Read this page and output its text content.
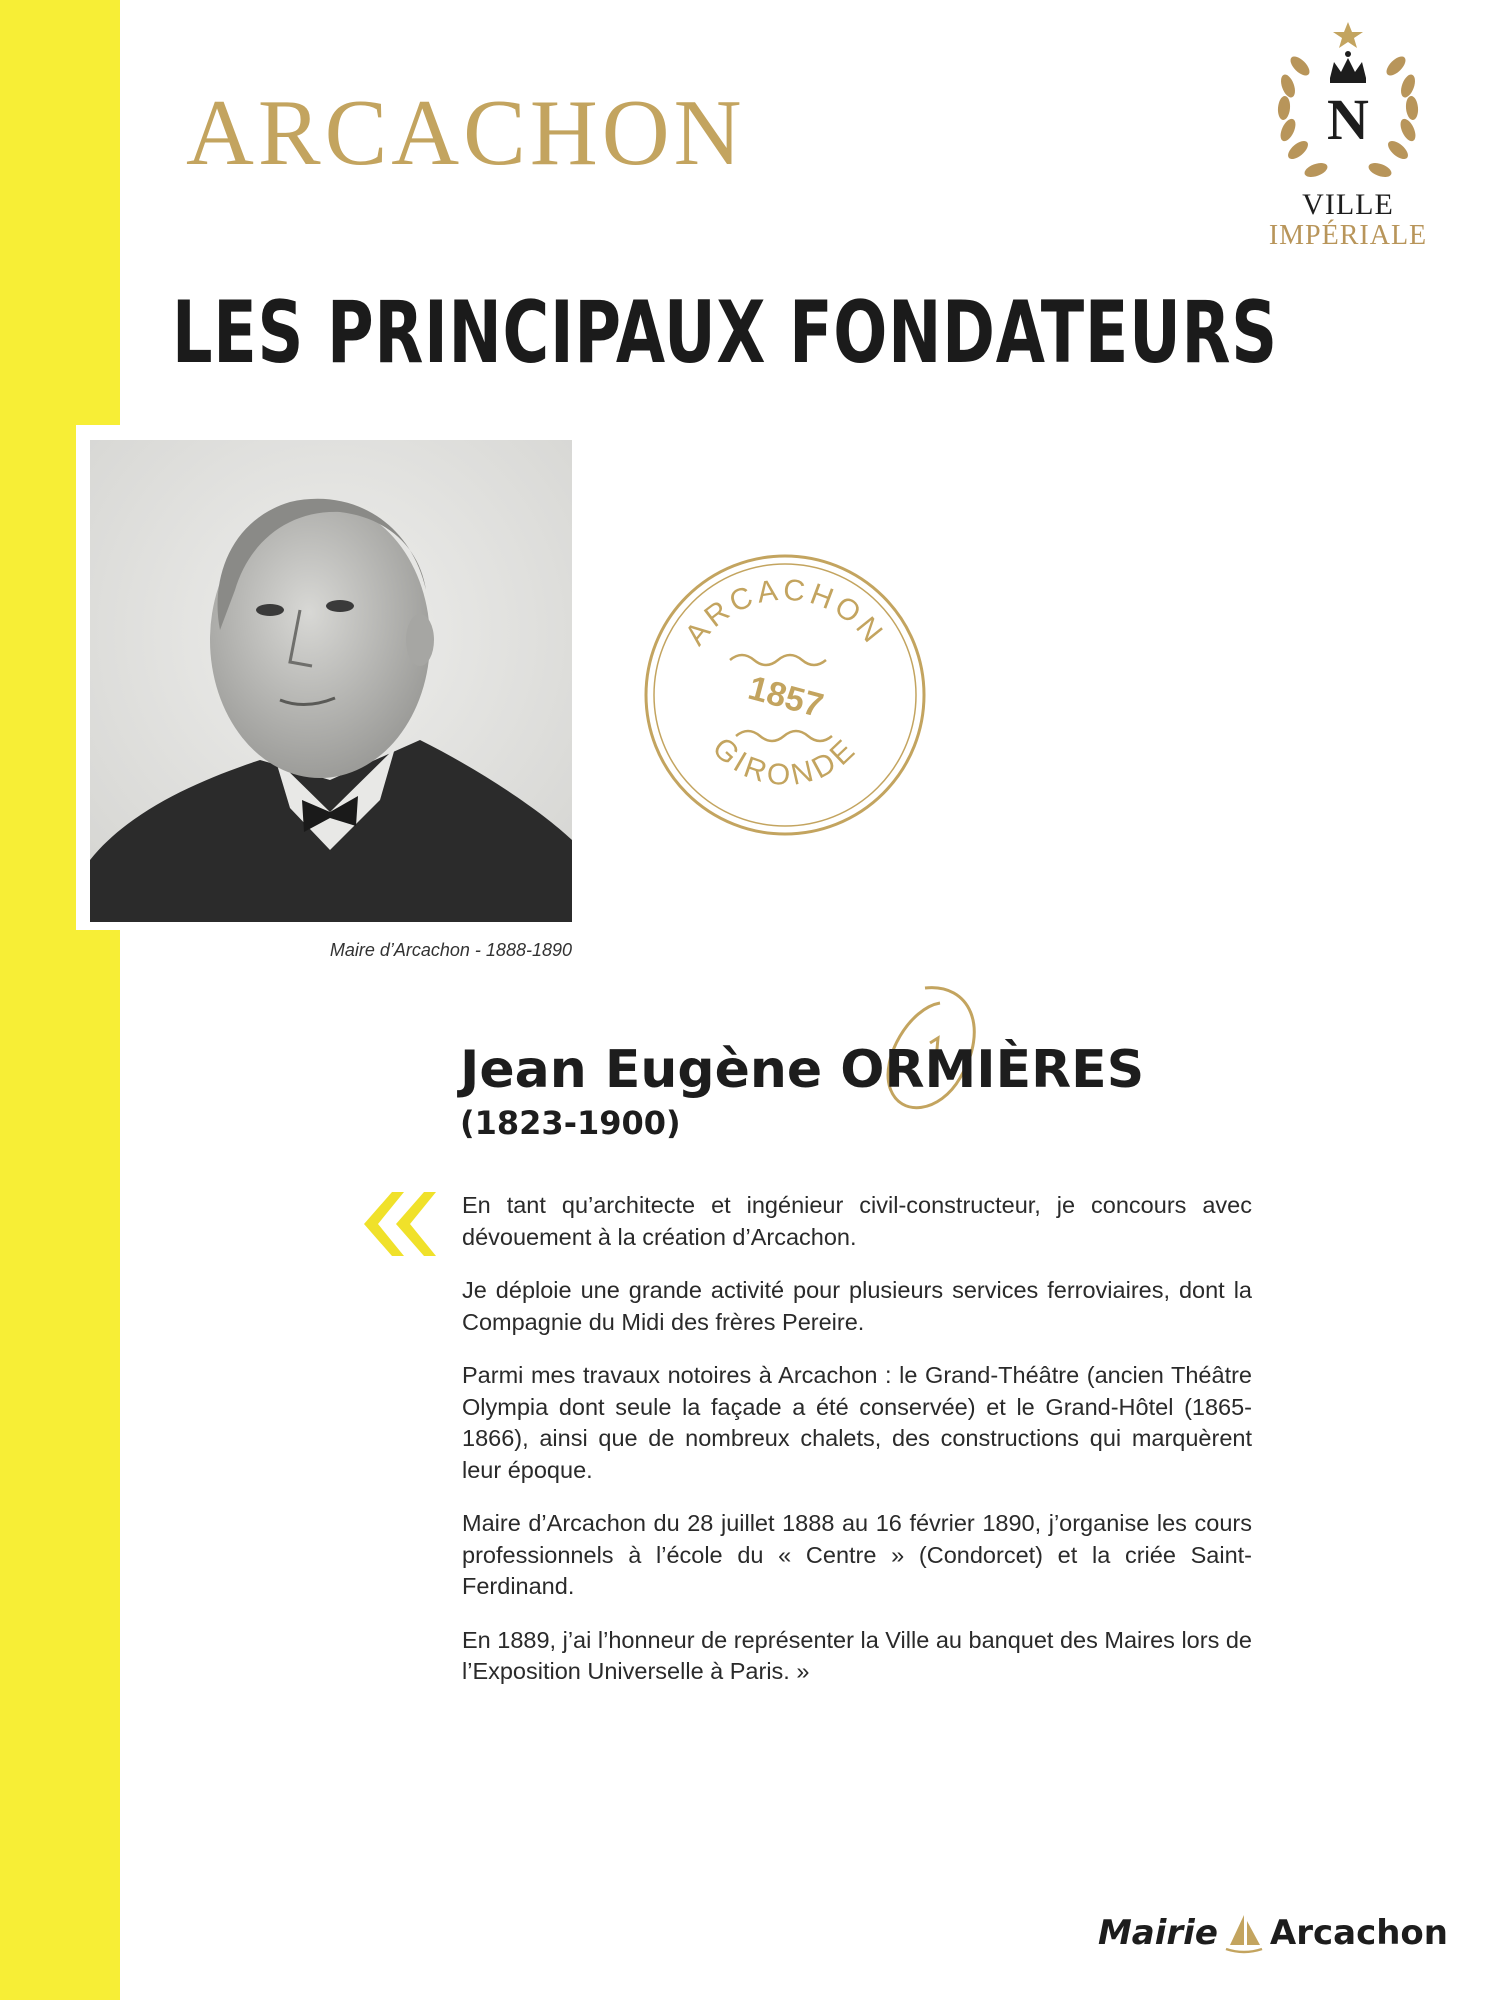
ARCACHON	N
VILLE
IMPÉRIALE
LES PRINCIPAUX FONDATEURS
Maire d’Arcachon - 1888-1890
ARCACHON
GIRONDE
1857
Jean Eugène ORMIÈRES
(1823-1900)

En tant qu’architecte et ingénieur civil-constructeur, je concours avec dévouement à la création d’Arcachon.

Je déploie une grande activité pour plusieurs services ferroviaires, dont la Compagnie du Midi des frères Pereire.

Parmi mes travaux notoires à Arcachon : le Grand-Théâtre (ancien Théâtre Olympia dont seule la façade a été conservée) et le Grand-Hôtel (1865-1866), ainsi que de nombreux chalets, des constructions qui marquèrent leur époque.

Maire d’Arcachon du 28 juillet 1888 au 16 février 1890, j’organise les cours professionnels à l’école du « Centre » (Condorcet) et la criée Saint-Ferdinand.

En 1889, j’ai l’honneur de représenter la Ville au banquet des Maires lors de l’Exposition Universelle à Paris. »

Mairie Arcachon
